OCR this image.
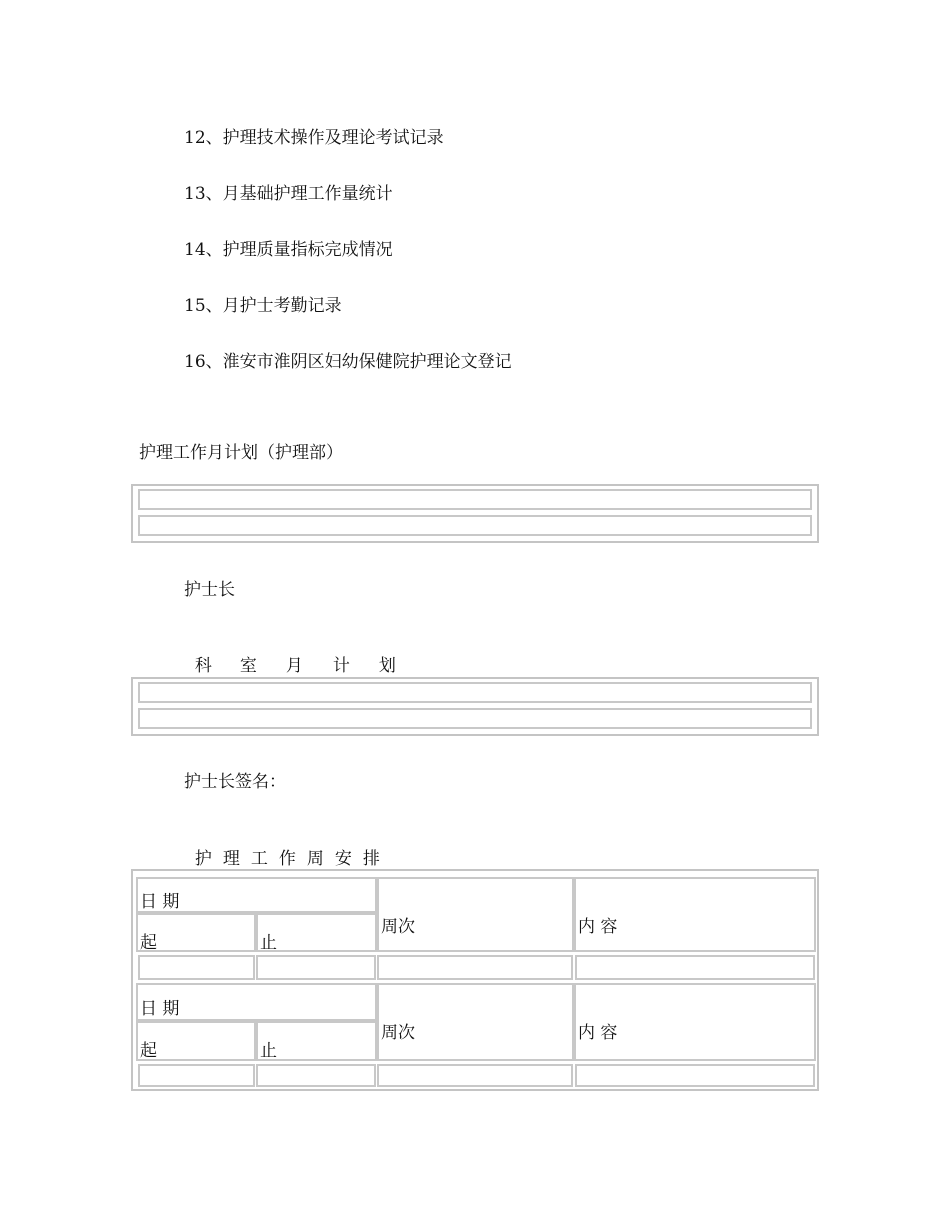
12、护理技术操作及理论考试记录
13、月基础护理工作量统计
14、护理质量指标完成情况
15、月护士考勤记录
16、淮安市淮阴区妇幼保健院护理论文登记
护理工作月计划（护理部）
护士长

科 室 月 计 划

护士长签名：

护 理 工 作 周 安 排

日 期
起	止
周次	内 容
日 期
起	止
周次	内 容
